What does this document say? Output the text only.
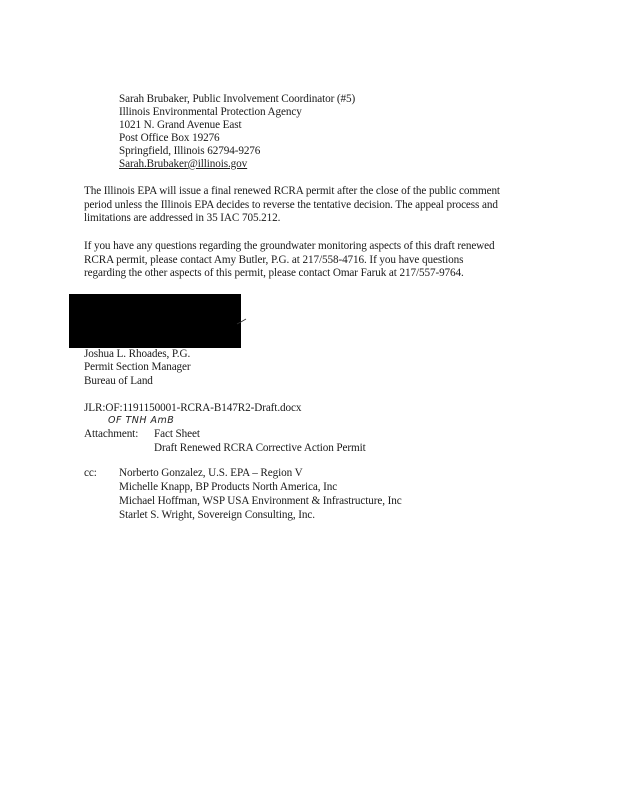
Sarah Brubaker, Public Involvement Coordinator (#5)
Illinois Environmental Protection Agency
1021 N. Grand Avenue East
Post Office Box 19276
Springfield, Illinois 62794-9276
Sarah.Brubaker@illinois.gov
The Illinois EPA will issue a final renewed RCRA permit after the close of the public comment
period unless the Illinois EPA decides to reverse the tentative decision. The appeal process and
limitations are addressed in 35 IAC 705.212.
If you have any questions regarding the groundwater monitoring aspects of this draft renewed
RCRA permit, please contact Amy Butler, P.G. at 217/558-4716. If you have questions
regarding the other aspects of this permit, please contact Omar Faruk at 217/557-9764.
Joshua L. Rhoades, P.G.
Permit Section Manager
Bureau of Land
JLR:OF:1191150001-RCRA-B147R2-Draft.docx
OF TNH AmB
Attachment: Fact Sheet
Draft Renewed RCRA Corrective Action Permit
cc: Norberto Gonzalez, U.S. EPA – Region V
Michelle Knapp, BP Products North America, Inc
Michael Hoffman, WSP USA Environment & Infrastructure, Inc
Starlet S. Wright, Sovereign Consulting, Inc.
